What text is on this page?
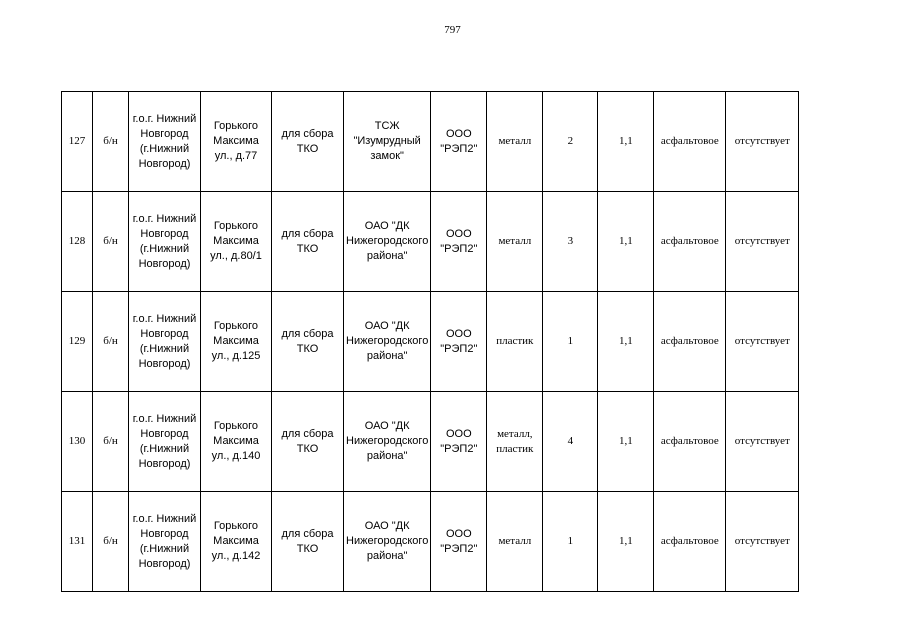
797
127	б/н	г.о.г. Нижний Новгород (г.Нижний Новгород)	Горького Максима ул., д.77	для сбора ТКО	ТСЖ "Изумрудный замок"	ООО "РЭП2"	металл	2	1,1	асфальтовое	отсутствует
128	б/н	г.о.г. Нижний Новгород (г.Нижний Новгород)	Горького Максима ул., д.80/1	для сбора ТКО	ОАО "ДК Нижегородского района"	ООО "РЭП2"	металл	3	1,1	асфальтовое	отсутствует
129	б/н	г.о.г. Нижний Новгород (г.Нижний Новгород)	Горького Максима ул., д.125	для сбора ТКО	ОАО "ДК Нижегородского района"	ООО "РЭП2"	пластик	1	1,1	асфальтовое	отсутствует
130	б/н	г.о.г. Нижний Новгород (г.Нижний Новгород)	Горького Максима ул., д.140	для сбора ТКО	ОАО "ДК Нижегородского района"	ООО "РЭП2"	металл, пластик	4	1,1	асфальтовое	отсутствует
131	б/н	г.о.г. Нижний Новгород (г.Нижний Новгород)	Горького Максима ул., д.142	для сбора ТКО	ОАО "ДК Нижегородского района"	ООО "РЭП2"	металл	1	1,1	асфальтовое	отсутствует
